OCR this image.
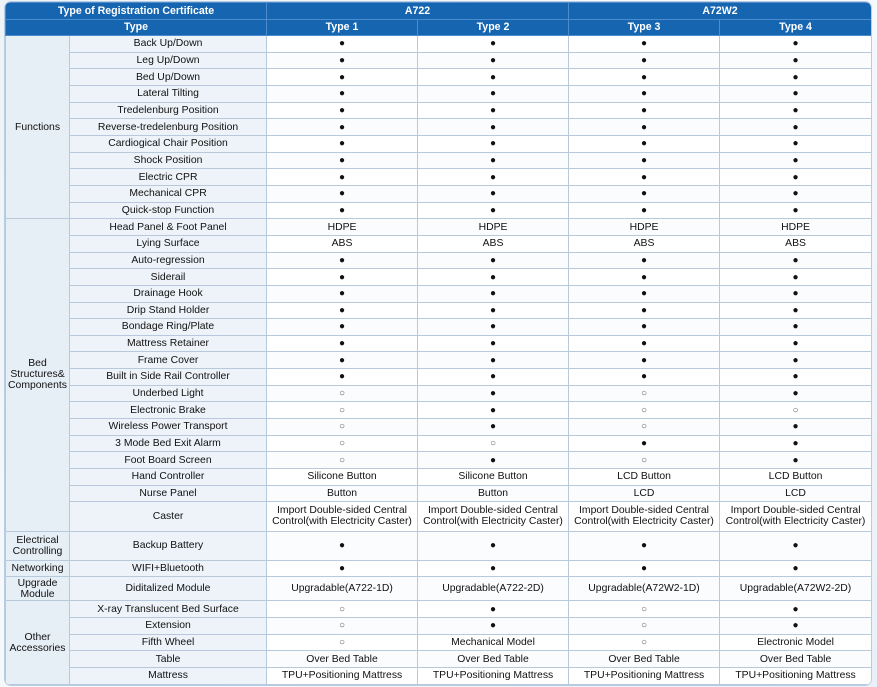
Type of Registration Certificate		A722		A72W2	
Type		Type 1	Type 2	Type 3	Type 4
Functions	Back Up/Down	●	●	●	●
	Leg Up/Down	●	●	●	●
	Bed Up/Down	●	●	●	●
	Lateral Tilting	●	●	●	●
	Tredelenburg Position	●	●	●	●
	Reverse-tredelenburg Position	●	●	●	●
	Cardiogical Chair Position	●	●	●	●
	Shock Position	●	●	●	●
	Electric CPR	●	●	●	●
	Mechanical CPR	●	●	●	●
	Quick-stop Function	●	●	●	●
Bed Structures& Components	Head Panel & Foot Panel	HDPE	HDPE	HDPE	HDPE
	Lying Surface	ABS	ABS	ABS	ABS
	Auto-regression	●	●	●	●
	Siderail	●	●	●	●
	Drainage Hook	●	●	●	●
	Drip Stand Holder	●	●	●	●
	Bondage Ring/Plate	●	●	●	●
	Mattress Retainer	●	●	●	●
	Frame Cover	●	●	●	●
	Built in Side Rail Controller	●	●	●	●
	Underbed Light	○	●	○	●
	Electronic Brake	○	●	○	○
	Wireless Power Transport	○	●	○	●
	3 Mode Bed Exit Alarm	○	○	●	●
	Foot Board Screen	○	●	○	●
	Hand Controller	Silicone Button	Silicone Button	LCD Button	LCD Button
	Nurse Panel	Button	Button	LCD	LCD
	Caster	Import Double-sided Central Control(with Electricity Caster)	Import Double-sided Central Control(with Electricity Caster)	Import Double-sided Central Control(with Electricity Caster)	Import Double-sided Central Control(with Electricity Caster)
Electrical Controlling	Backup Battery	●	●	●	●
Networking	WIFI+Bluetooth	●	●	●	●
Upgrade Module	Diditalized Module	Upgradable(A722-1D)	Upgradable(A722-2D)	Upgradable(A72W2-1D)	Upgradable(A72W2-2D)
Other Accessories	X-ray Translucent Bed Surface	○	●	○	●
	Extension	○	●	○	●
	Fifth Wheel	○	Mechanical Model	○	Electronic Model
	Table	Over Bed Table	Over Bed Table	Over Bed Table	Over Bed Table
	Mattress	TPU+Positioning Mattress	TPU+Positioning Mattress	TPU+Positioning Mattress	TPU+Positioning Mattress
